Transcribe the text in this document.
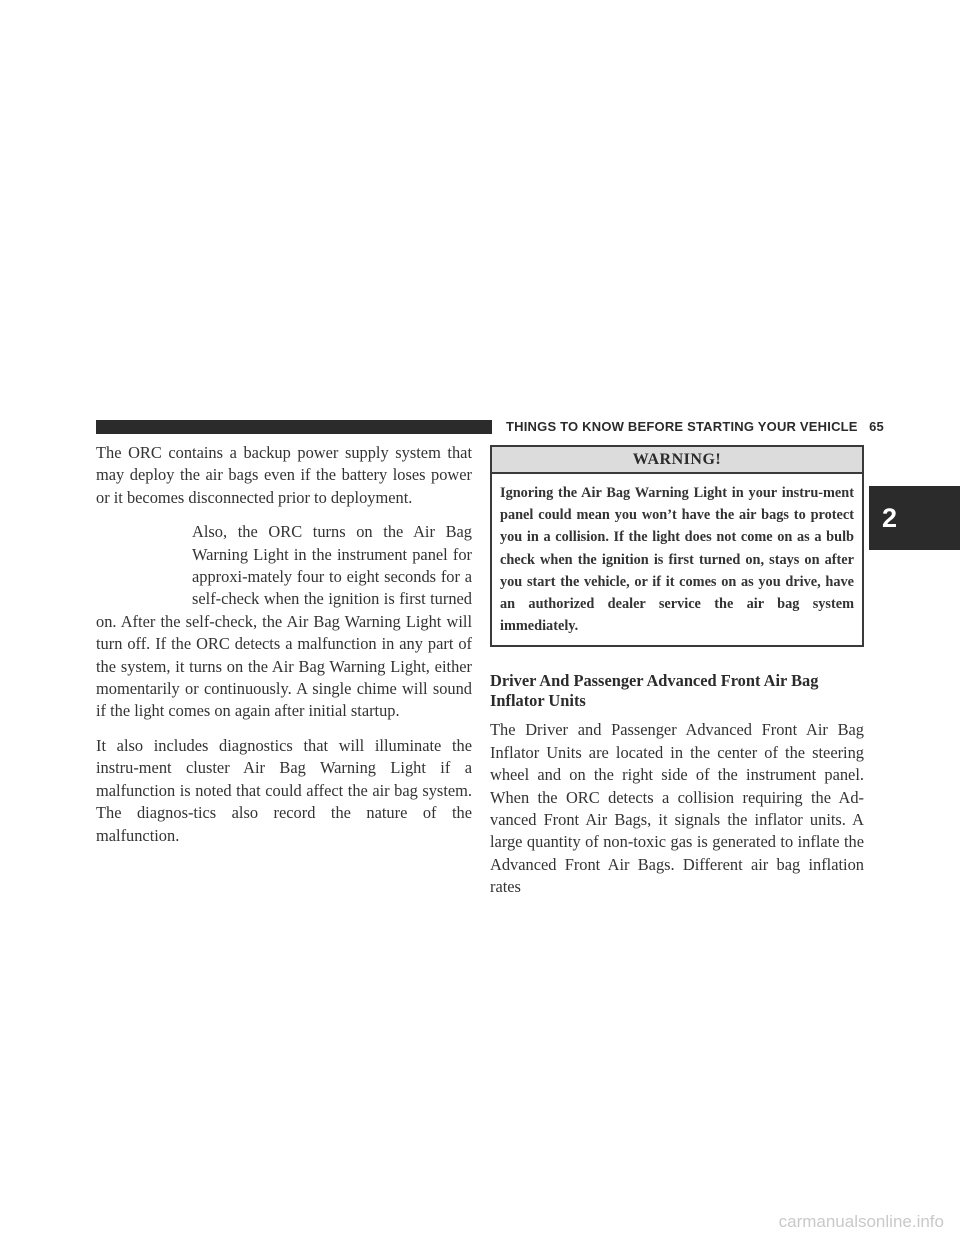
THINGS TO KNOW BEFORE STARTING YOUR VEHICLE 65
2

The ORC contains a backup power supply system that may deploy the air bags even if the battery loses power or it becomes disconnected prior to deployment.

Also, the ORC turns on the Air Bag Warning Light in the instrument panel for approxi-mately four to eight seconds for a self-check when the ignition is first turned on. After the self-check, the Air Bag Warning Light will turn off. If the ORC detects a malfunction in any part of the system, it turns on the Air Bag Warning Light, either momentarily or continuously. A single chime will sound if the light comes on again after initial startup.

It also includes diagnostics that will illuminate the instru-ment cluster Air Bag Warning Light if a malfunction is noted that could affect the air bag system. The diagnos-tics also record the nature of the malfunction.

WARNING!
Ignoring the Air Bag Warning Light in your instru-ment panel could mean you won’t have the air bags to protect you in a collision. If the light does not come on as a bulb check when the ignition is first turned on, stays on after you start the vehicle, or if it comes on as you drive, have an authorized dealer service the air bag system immediately.
Driver And Passenger Advanced Front Air Bag Inflator Units

The Driver and Passenger Advanced Front Air Bag Inflator Units are located in the center of the steering wheel and on the right side of the instrument panel. When the ORC detects a collision requiring the Ad-vanced Front Air Bags, it signals the inflator units. A large quantity of non-toxic gas is generated to inflate the Advanced Front Air Bags. Different air bag inflation rates

carmanualsonline.info
